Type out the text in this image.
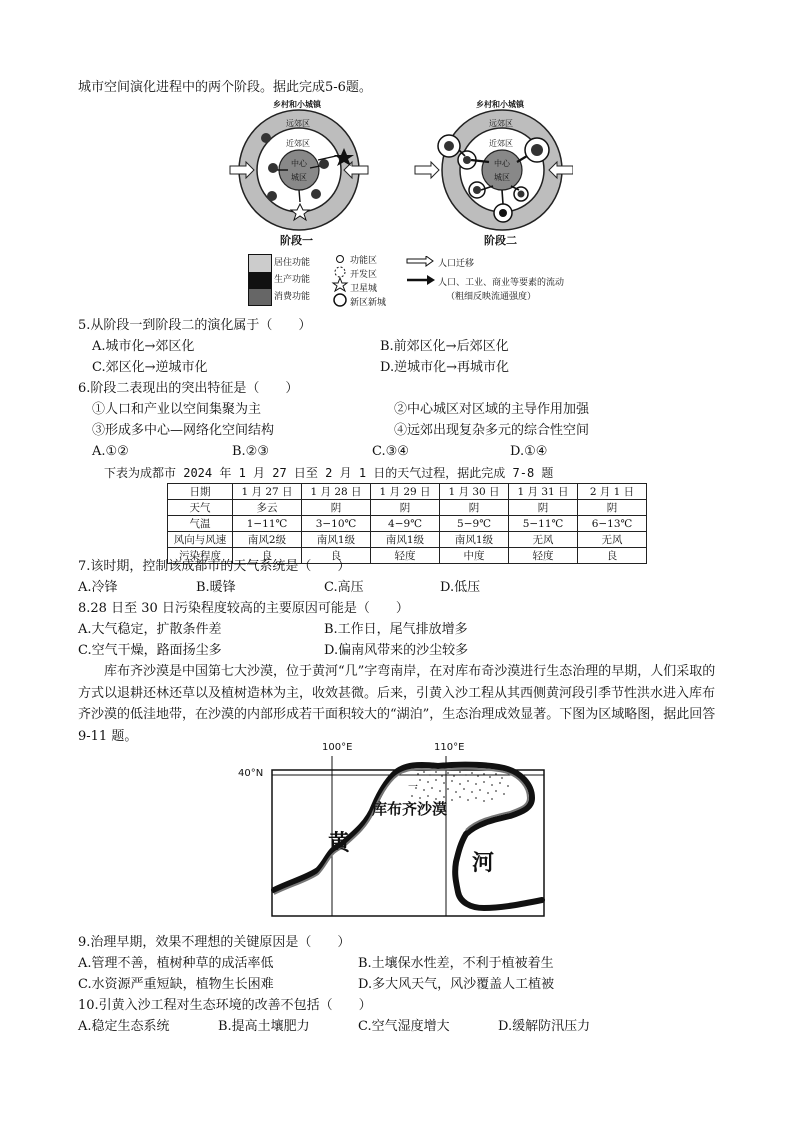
城市空间演化进程中的两个阶段。据此完成5-6题。
乡村和小城镇
远郊区
近郊区
中心
城区
阶段一
乡村和小城镇
远郊区
近郊区
中心
城区
阶段二
居住功能
生产功能
消费功能
功能区
开发区
卫星城
新区新城
人口迁移
人口、工业、商业等要素的流动
（粗细反映流通强度）
5.从阶段一到阶段二的演化属于（　　）
A.城市化→郊区化	B.前郊区化→后郊区化
C.郊区化→逆城市化	D.逆城市化→再城市化
6.阶段二表现出的突出特征是（　　）
①人口和产业以空间集聚为主	②中心城区对区域的主导作用加强
③形成多中心—网络化空间结构	④远郊出现复杂多元的综合性空间
A.①②	B.②③	C.③④	D.①④
下表为成都市 2024 年 1 月 27 日至 2 月 1 日的天气过程，据此完成 7-8 题
日期	1 月 27 日	1 月 28 日	1 月 29 日	1 月 30 日	1 月 31 日	2 月 1 日
天气	多云	阴	阴	阴	阴	阴
气温	1−11℃	3−10℃	4−9℃	5−9℃	5−11℃	6−13℃
风向与风速	南风2级	南风1级	南风1级	南风1级	无风	无风
污染程度	良	良	轻度	中度	轻度	良
7.该时期，控制该成都市的天气系统是（　　）
A.冷锋	B.暖锋	C.高压	D.低压
8.28 日至 30 日污染程度较高的主要原因可能是（　　）
A.大气稳定，扩散条件差	B.工作日，尾气排放增多
C.空气干燥，路面扬尘多	D.偏南风带来的沙尘较多
库布齐沙漠是中国第七大沙漠，位于黄河“几”字弯南岸，在对库布奇沙漠进行生态治理的早期，人们采取的方式以退耕还林还草以及植树造林为主，收效甚微。后来，引黄入沙工程从其西侧黄河段引季节性洪水进入库布齐沙漠的低洼地带，在沙漠的内部形成若干面积较大的“湖泊”，生态治理成效显著。下图为区域略图，据此回答 9-11 题。
100°E	110°E
40°N
一
库布齐沙漠
黄
河
9.治理早期，效果不理想的关键原因是（　　）
A.管理不善，植树种草的成活率低	B.土壤保水性差，不利于植被着生
C.水资源严重短缺，植物生长困难	D.多大风天气，风沙覆盖人工植被
10.引黄入沙工程对生态环境的改善不包括（　　）
A.稳定生态系统	B.提高土壤肥力	C.空气湿度增大	D.缓解防汛压力
